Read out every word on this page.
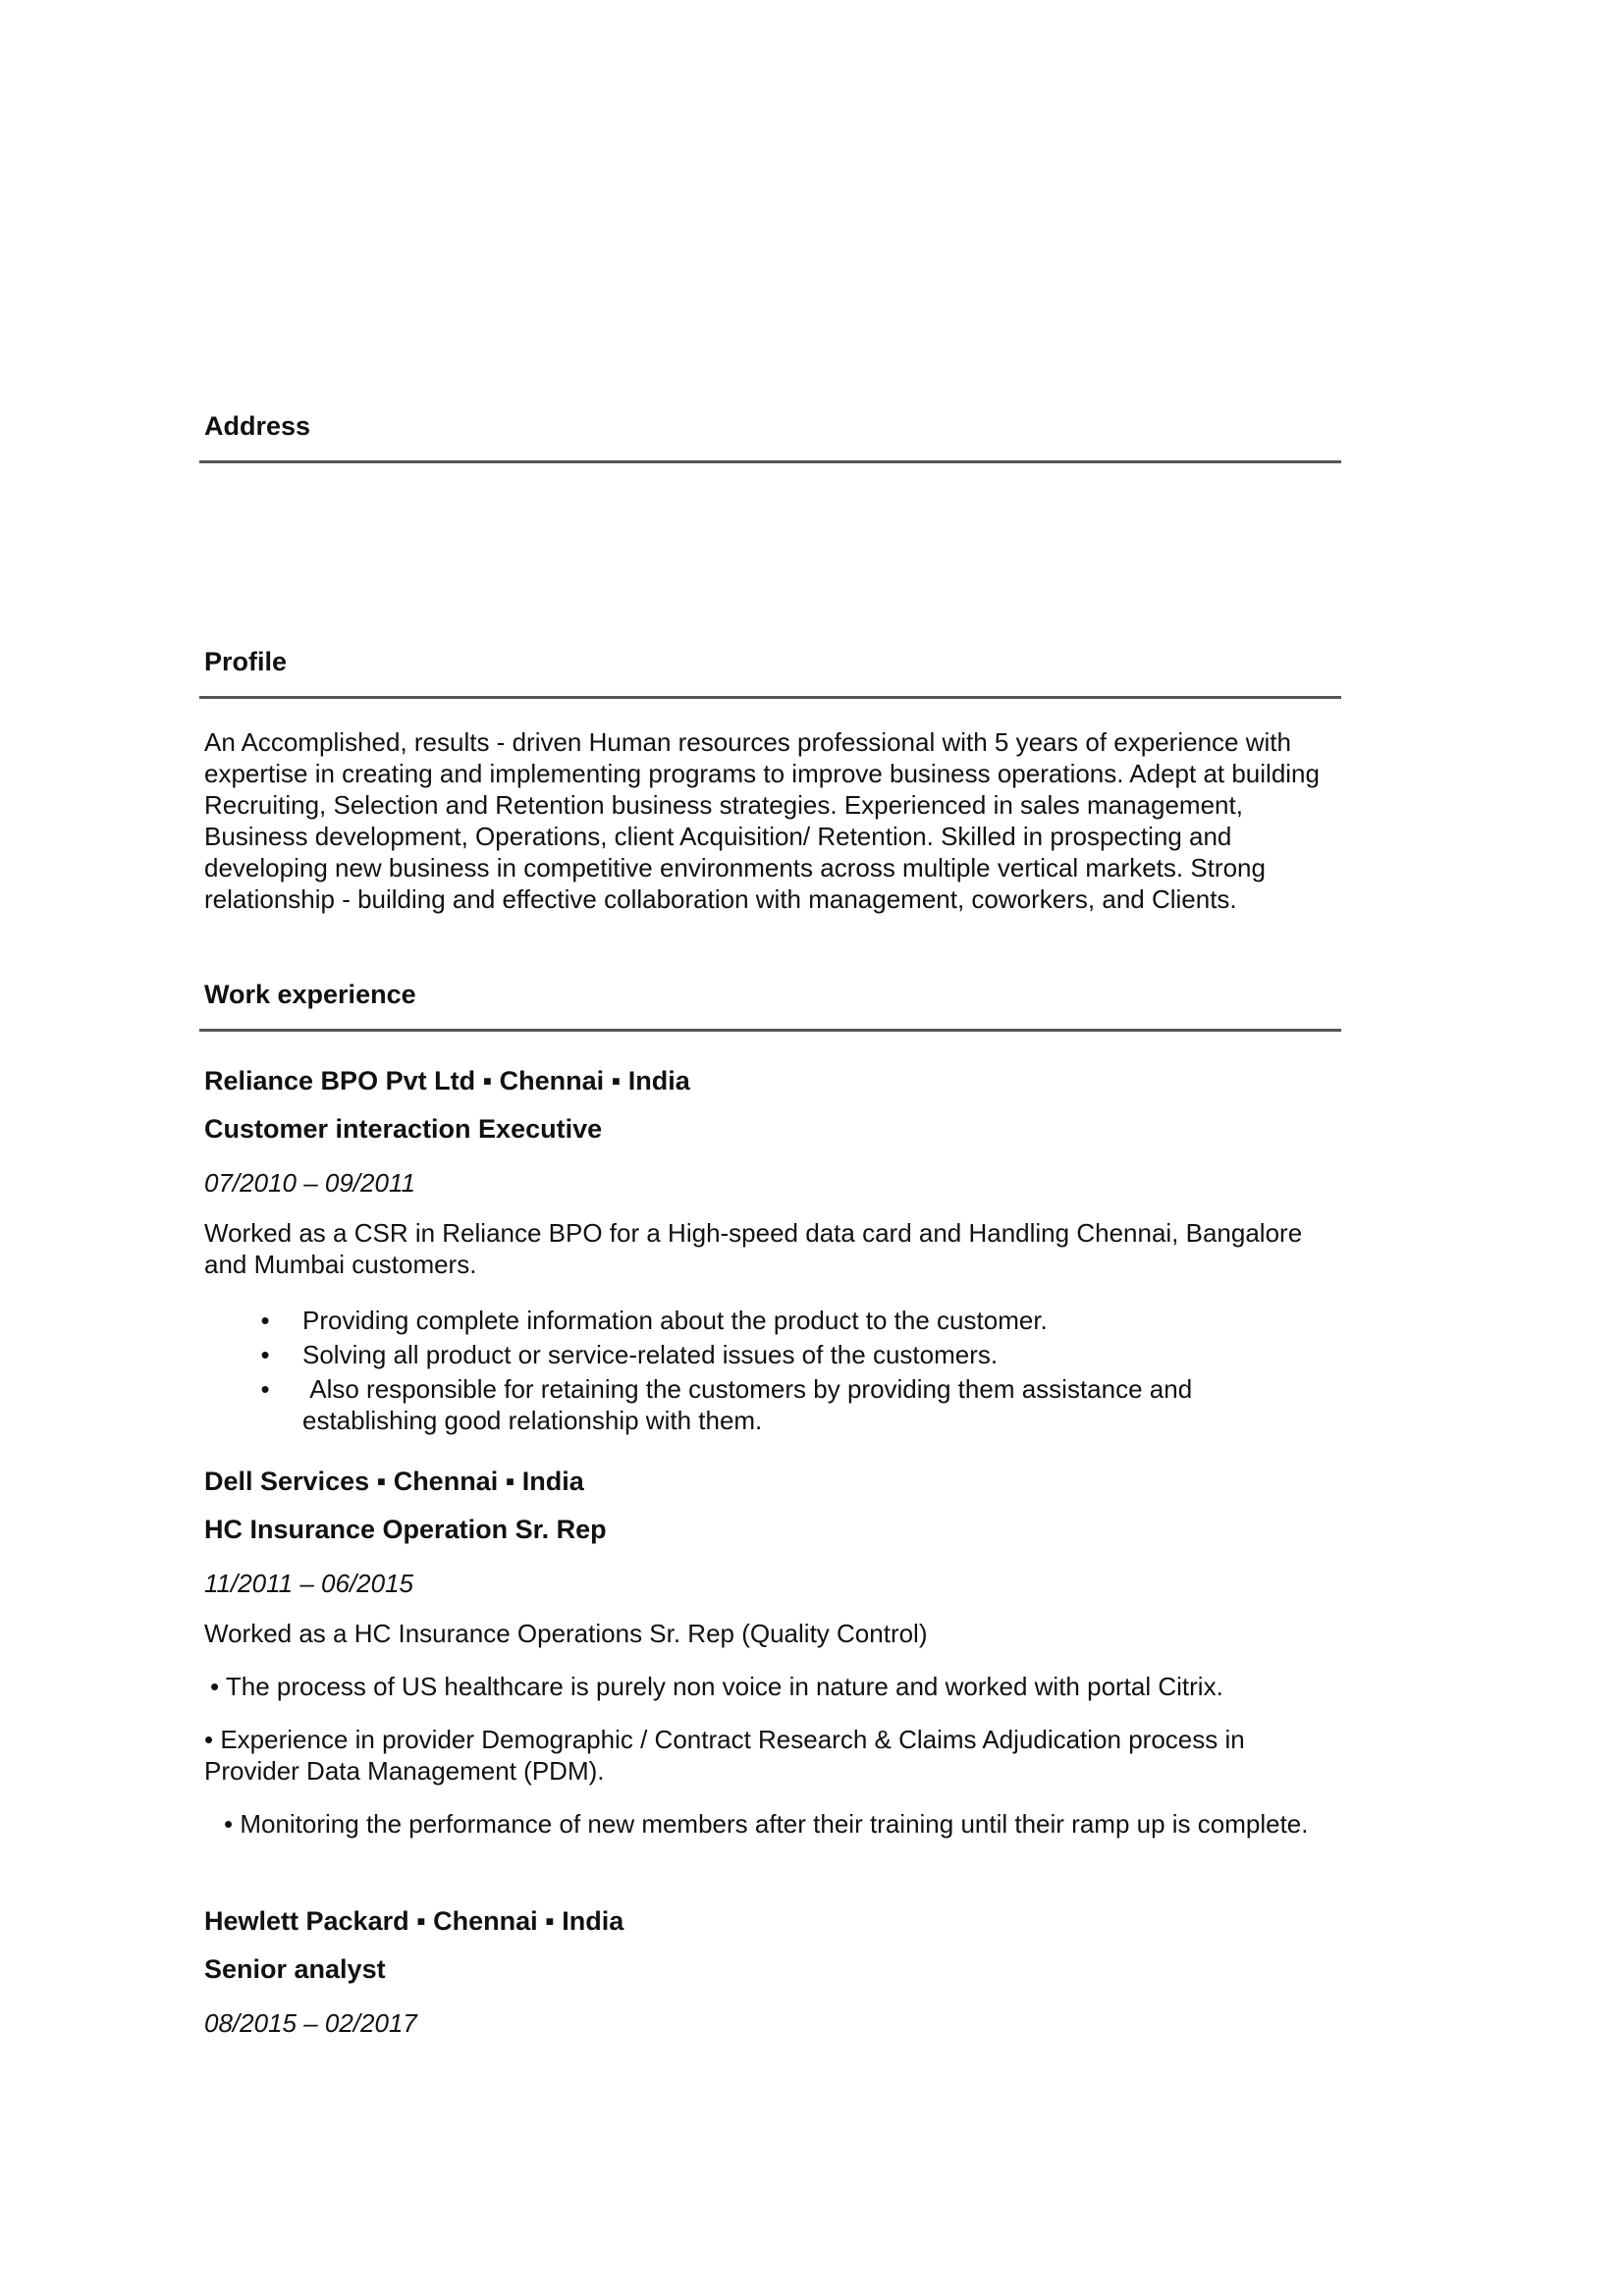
Address
Profile
An Accomplished, results - driven Human resources professional with 5 years of experience with expertise in creating and implementing programs to improve business operations. Adept at building Recruiting, Selection and Retention business strategies. Experienced in sales management, Business development, Operations, client Acquisition/ Retention. Skilled in prospecting and developing new business in competitive environments across multiple vertical markets. Strong relationship - building and effective collaboration with management, coworkers, and Clients.
Work experience
Reliance BPO Pvt Ltd ▪ Chennai ▪ India
Customer interaction Executive
07/2010 – 09/2011
Worked as a CSR in Reliance BPO for a High-speed data card and Handling Chennai, Bangalore and Mumbai customers.
• Providing complete information about the product to the customer.
• Solving all product or service-related issues of the customers.
• Also responsible for retaining the customers by providing them assistance and establishing good relationship with them.
Dell Services ▪ Chennai ▪ India
HC Insurance Operation Sr. Rep
11/2011 – 06/2015
Worked as a HC Insurance Operations Sr. Rep (Quality Control)
• The process of US healthcare is purely non voice in nature and worked with portal Citrix.
• Experience in provider Demographic / Contract Research & Claims Adjudication process in Provider Data Management (PDM).
• Monitoring the performance of new members after their training until their ramp up is complete.
Hewlett Packard ▪ Chennai ▪ India
Senior analyst
08/2015 – 02/2017
